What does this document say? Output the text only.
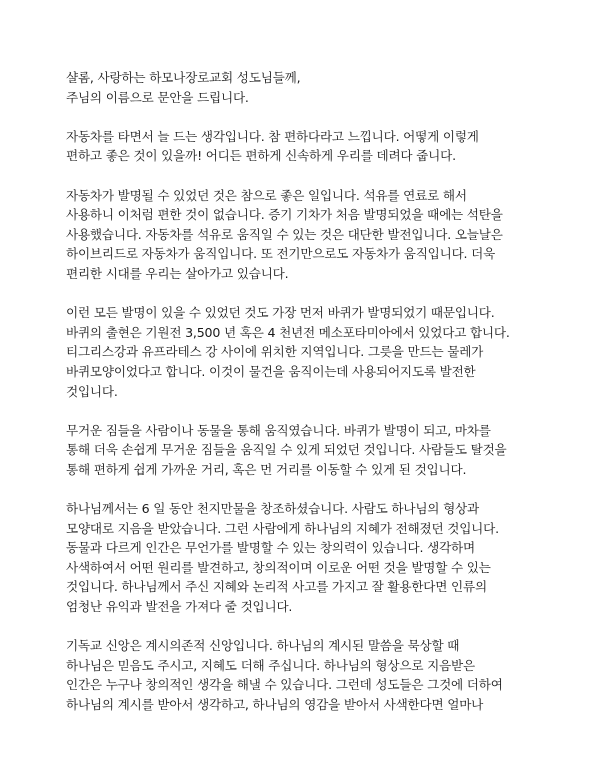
샬롬, 사랑하는 하모나장로교회 성도님들께,
주님의 이름으로 문안을 드립니다.
자동차를 타면서 늘 드는 생각입니다. 참 편하다라고 느낍니다. 어떻게 이렇게
편하고 좋은 것이 있을까! 어디든 편하게 신속하게 우리를 데려다 줍니다.
자동차가 발명될 수 있었던 것은 참으로 좋은 일입니다. 석유를 연료로 해서
사용하니 이처럼 편한 것이 없습니다. 증기 기차가 처음 발명되었을 때에는 석탄을
사용했습니다. 자동차를 석유로 움직일 수 있는 것은 대단한 발전입니다. 오늘날은
하이브리드로 자동차가 움직입니다. 또 전기만으로도 자동차가 움직입니다. 더욱
편리한 시대를 우리는 살아가고 있습니다.
이런 모든 발명이 있을 수 있었던 것도 가장 먼저 바퀴가 발명되었기 때문입니다.
바퀴의 출현은 기원전 3,500 년 혹은 4 천년전 메소포타미아에서 있었다고 합니다.
티그리스강과 유프라테스 강 사이에 위치한 지역입니다. 그릇을 만드는 물레가
바퀴모양이었다고 합니다. 이것이 물건을 움직이는데 사용되어지도록 발전한
것입니다.
무거운 짐들을 사람이나 동물을 통해 움직였습니다. 바퀴가 발명이 되고, 마차를
통해 더욱 손쉽게 무거운 짐들을 움직일 수 있게 되었던 것입니다. 사람들도 탈것을
통해 편하게 쉽게 가까운 거리, 혹은 먼 거리를 이동할 수 있게 된 것입니다.
하나님께서는 6 일 동안 천지만물을 창조하셨습니다. 사람도 하나님의 형상과
모양대로 지음을 받았습니다. 그런 사람에게 하나님의 지혜가 전해졌던 것입니다.
동물과 다르게 인간은 무언가를 발명할 수 있는 창의력이 있습니다. 생각하며
사색하여서 어떤 원리를 발견하고, 창의적이며 이로운 어떤 것을 발명할 수 있는
것입니다. 하나님께서 주신 지혜와 논리적 사고를 가지고 잘 활용한다면 인류의
엄청난 유익과 발전을 가져다 줄 것입니다.
기독교 신앙은 계시의존적 신앙입니다. 하나님의 계시된 말씀을 묵상할 때
하나님은 믿음도 주시고, 지혜도 더해 주십니다. 하나님의 형상으로 지음받은
인간은 누구나 창의적인 생각을 해낼 수 있습니다. 그런데 성도들은 그것에 더하여
하나님의 계시를 받아서 생각하고, 하나님의 영감을 받아서 사색한다면 얼마나
